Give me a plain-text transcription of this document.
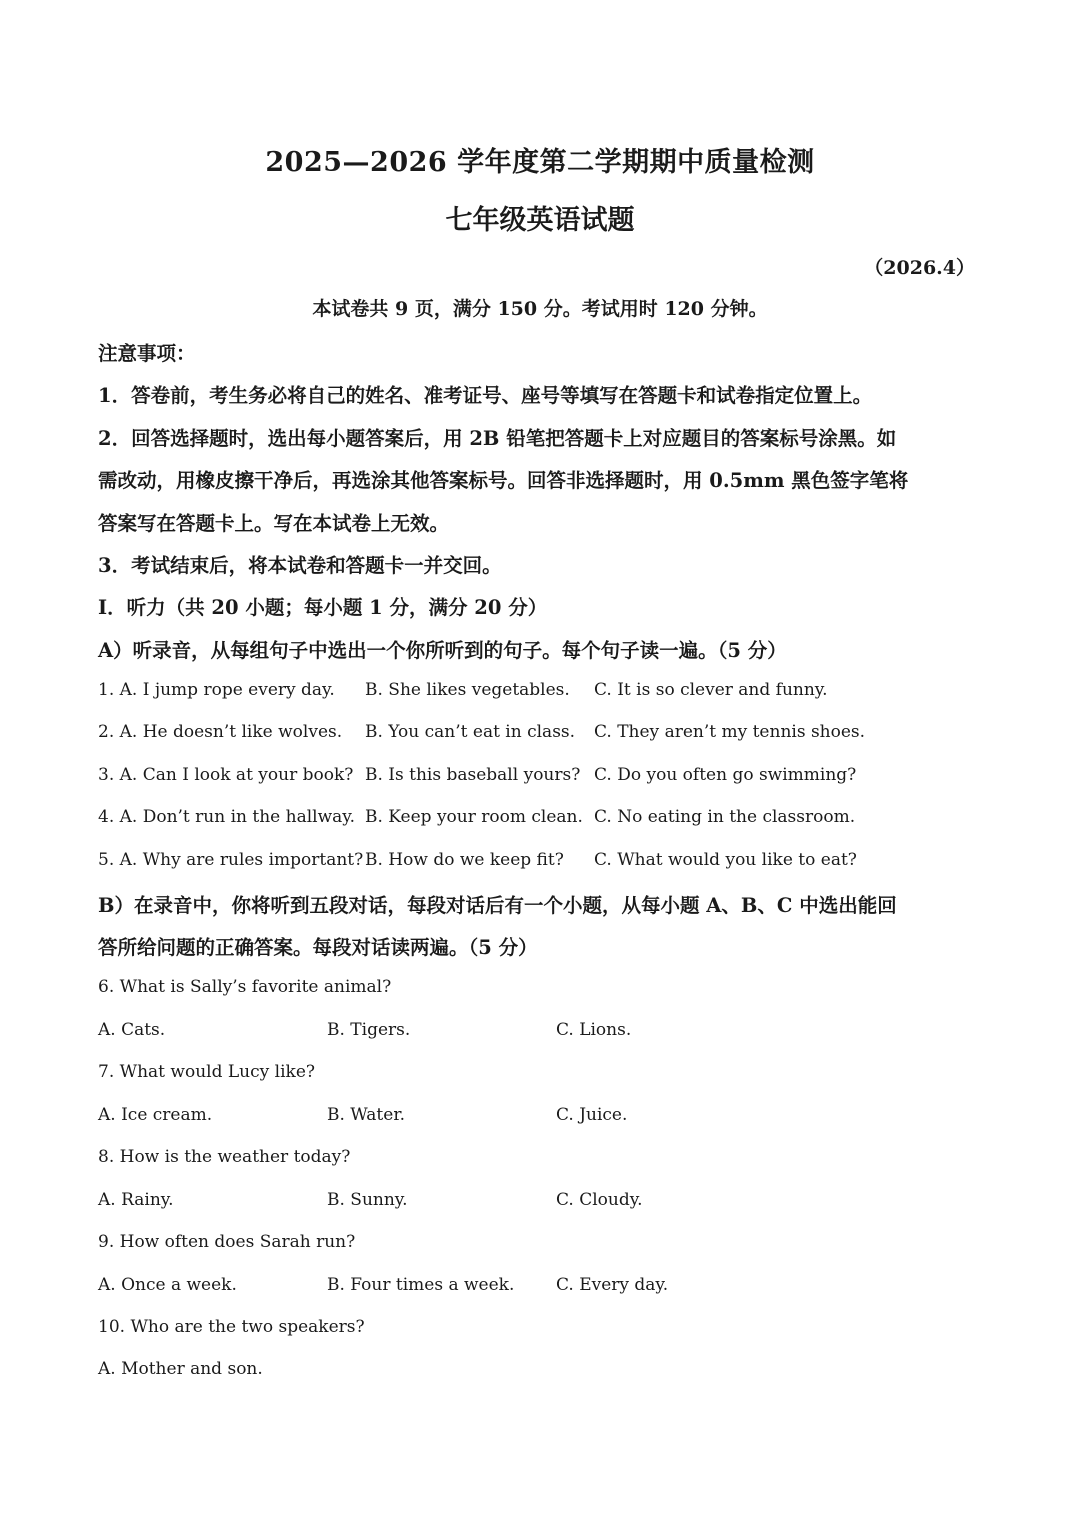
2025—2026 学年度第二学期期中质量检测
七年级英语试题
（2026.4）
本试卷共 9 页，满分 150 分。考试用时 120 分钟。
注意事项：
1．答卷前，考生务必将自己的姓名、准考证号、座号等填写在答题卡和试卷指定位置上。
2．回答选择题时，选出每小题答案后，用 2B 铅笔把答题卡上对应题目的答案标号涂黑。如
需改动，用橡皮擦干净后，再选涂其他答案标号。回答非选择题时，用 0.5mm 黑色签字笔将
答案写在答题卡上。写在本试卷上无效。
3．考试结束后，将本试卷和答题卡一并交回。
I．听力（共 20 小题；每小题 1 分，满分 20 分）
A）听录音，从每组句子中选出一个你所听到的句子。每个句子读一遍。（5 分）
1. A. I jump rope every day. B. She likes vegetables. C. It is so clever and funny.
2. A. He doesn’t like wolves. B. You can’t eat in class. C. They aren’t my tennis shoes.
3. A. Can I look at your book? B. Is this baseball yours? C. Do you often go swimming?
4. A. Don’t run in the hallway. B. Keep your room clean. C. No eating in the classroom.
5. A. Why are rules important? B. How do we keep fit? C. What would you like to eat?
B）在录音中，你将听到五段对话，每段对话后有一个小题，从每小题 A、B、C 中选出能回
答所给问题的正确答案。每段对话读两遍。（5 分）
6. What is Sally’s favorite animal?
A. Cats.	B. Tigers.	C. Lions.
7. What would Lucy like?
A. Ice cream.	B. Water.	C. Juice.
8. How is the weather today?
A. Rainy.	B. Sunny.	C. Cloudy.
9. How often does Sarah run?
A. Once a week.	B. Four times a week. C. Every day.
10. Who are the two speakers?
A. Mother and son.
